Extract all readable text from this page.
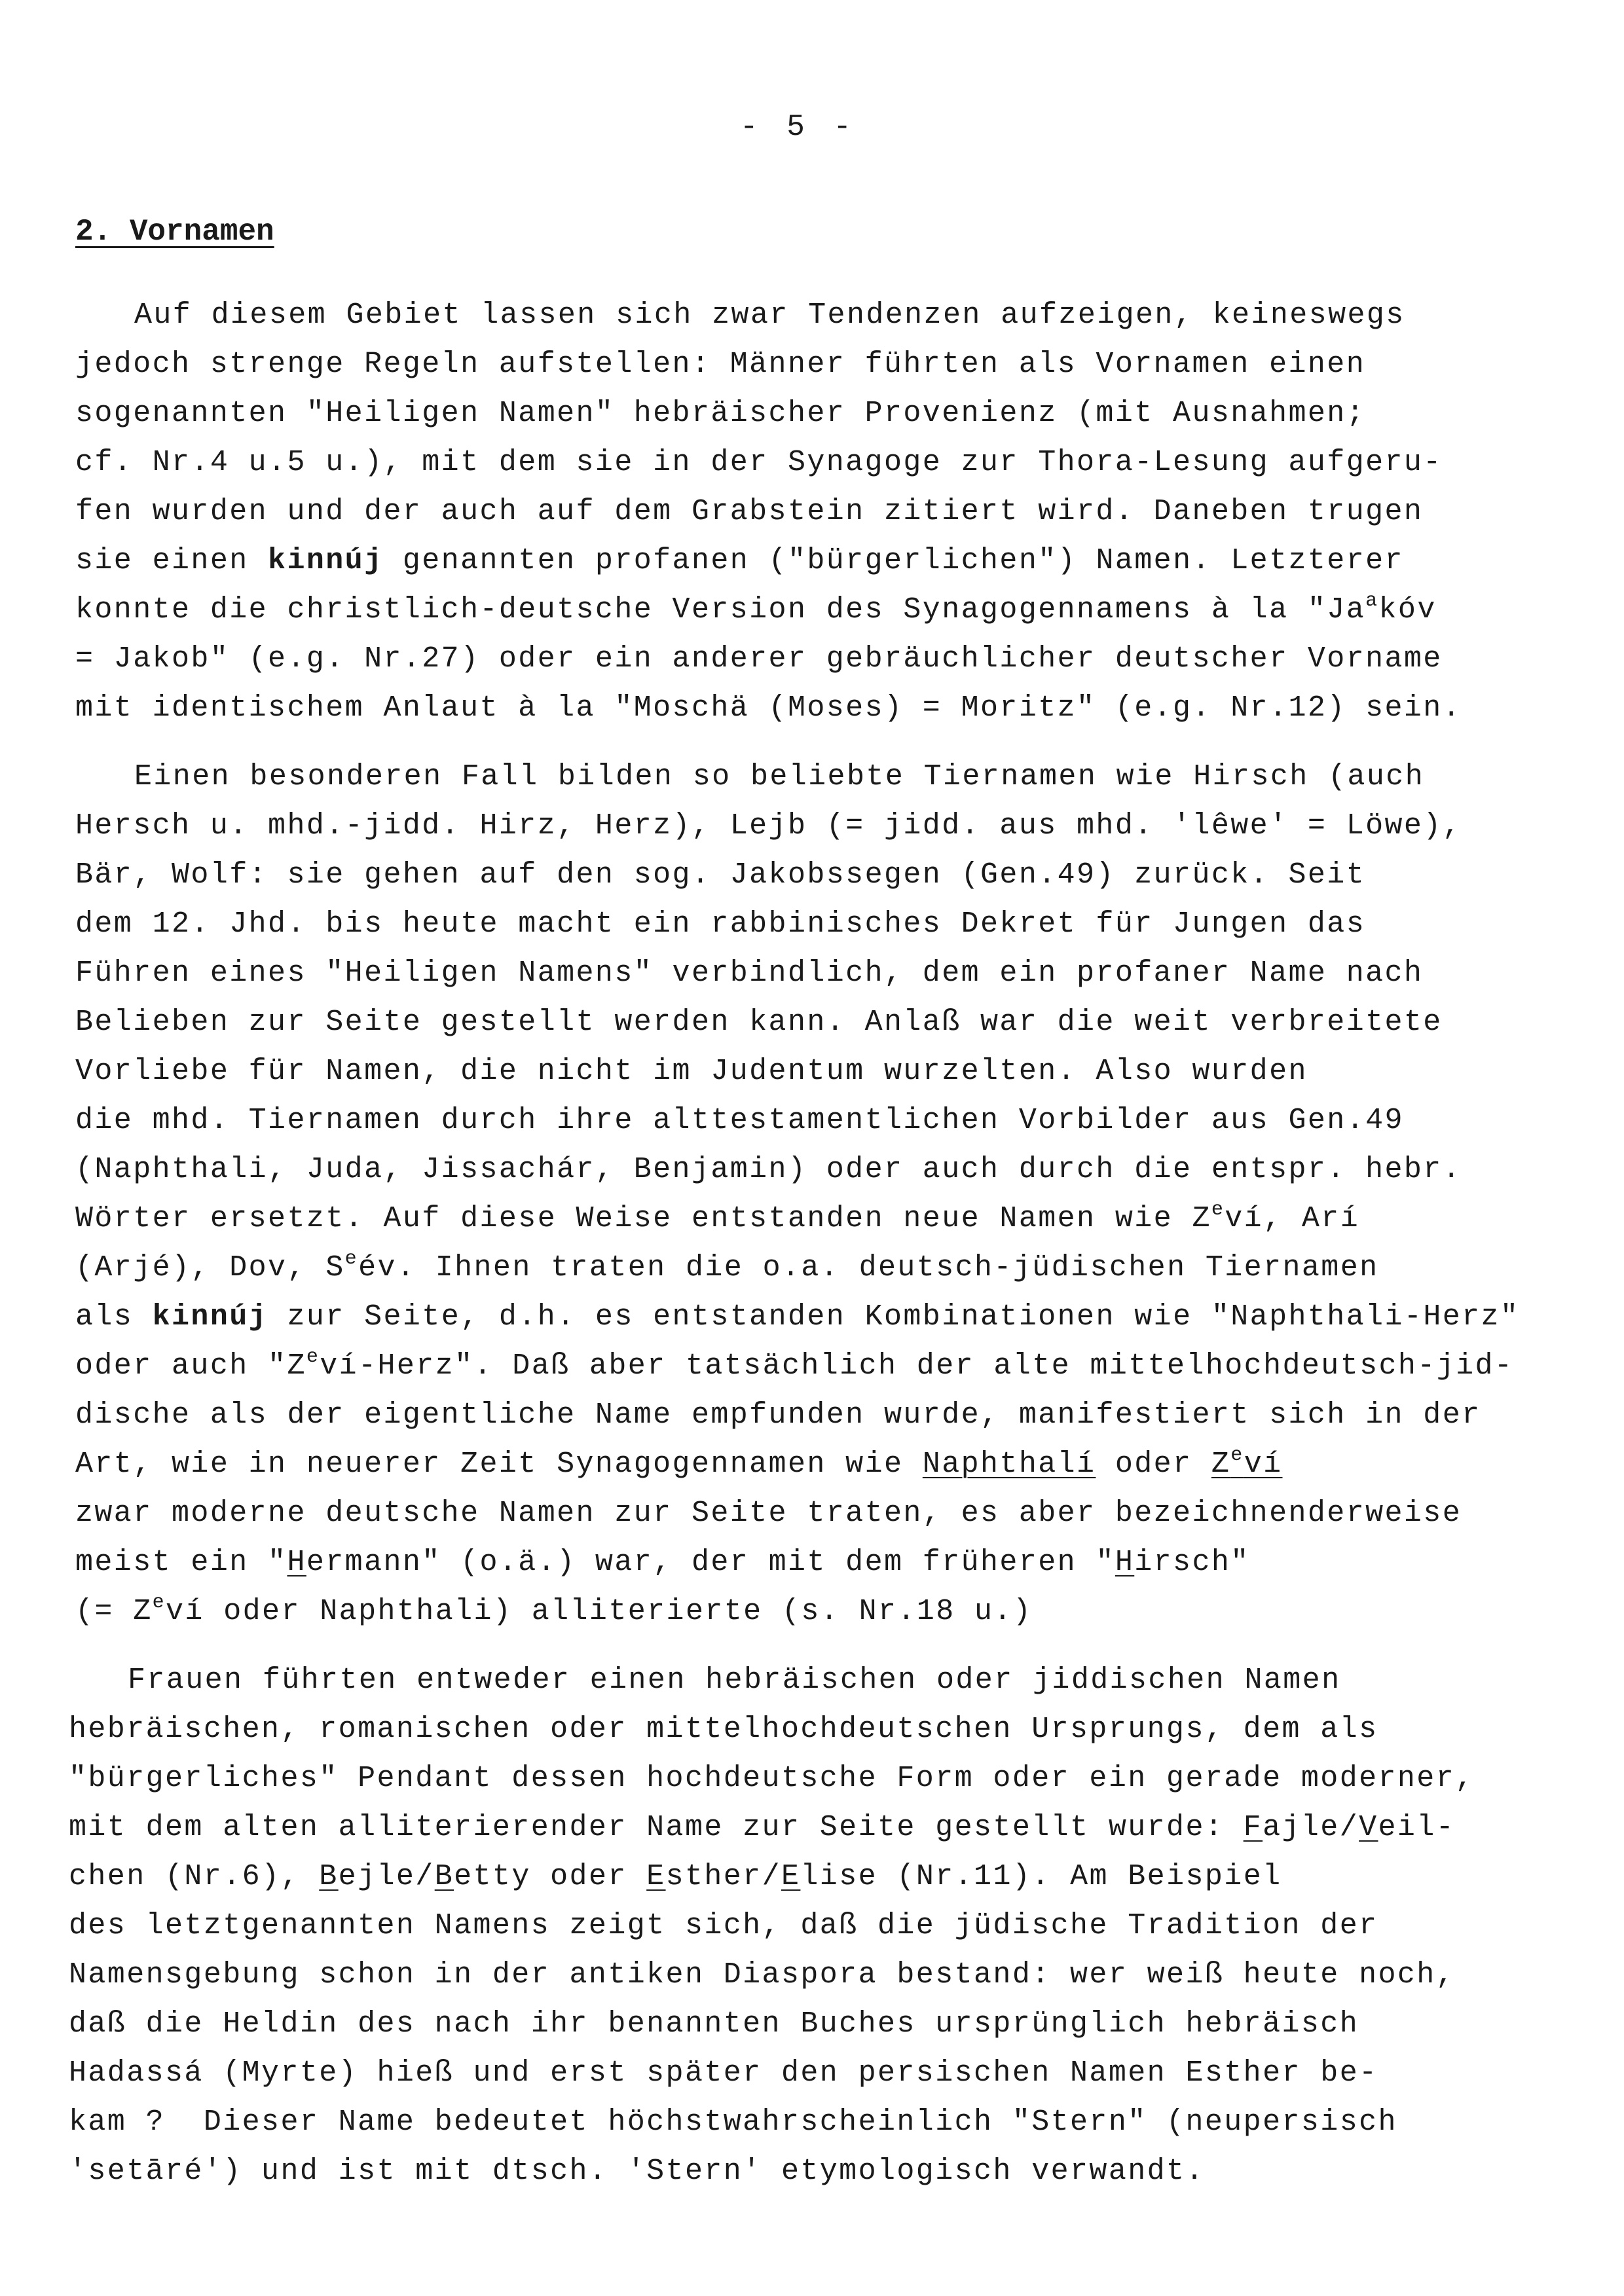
- 5 -
2. Vornamen
Auf diesem Gebiet lassen sich zwar Tendenzen aufzeigen, keineswegs
jedoch strenge Regeln aufstellen: Männer führten als Vornamen einen
sogenannten "Heiligen Namen" hebräischer Provenienz (mit Ausnahmen;
cf. Nr.4 u.5 u.), mit dem sie in der Synagoge zur Thora-Lesung aufgeru-
fen wurden und der auch auf dem Grabstein zitiert wird. Daneben trugen
sie einen kinnúj genannten profanen ("bürgerlichen") Namen. Letzterer
konnte die christlich-deutsche Version des Synagogennamens à la "$Ja^akóv$
= Jakob" (e.g. Nr.27) oder ein anderer gebräuchlicher deutscher Vorname
mit identischem Anlaut à la "Moschä (Moses) = Moritz" (e.g. Nr.12) sein.
Einen besonderen Fall bilden so beliebte Tiernamen wie Hirsch (auch
Hersch u. mhd.-jidd. Hirz, Herz), Lejb (= jidd. aus mhd. 'lêwe' = Löwe),
Bär, Wolf: sie gehen auf den sog. Jakobssegen (Gen.49) zurück. Seit
dem 12. Jhd. bis heute macht ein rabbinisches Dekret für Jungen das
Führen eines "Heiligen Namens" verbindlich, dem ein profaner Name nach
Belieben zur Seite gestellt werden kann. Anlaß war die weit verbreitete
Vorliebe für Namen, die nicht im Judentum wurzelten. Also wurden
die mhd. Tiernamen durch ihre alttestamentlichen Vorbilder aus Gen.49
(Naphthali, Juda, Jissachár, Benjamin) oder auch durch die entspr. hebr.
Wörter ersetzt. Auf diese Weise entstanden neue Namen wie $Z^eví$, Arí
(Arjé), Dov, $S^eév$. Ihnen traten die o.a. deutsch-jüdischen Tiernamen
als kinnúj zur Seite, d.h. es entstanden Kombinationen wie "Naphthali-Herz"
oder auch "$Z^eví$-Herz". Daß aber tatsächlich der alte mittelhochdeutsch-jid-
dische als der eigentliche Name empfunden wurde, manifestiert sich in der
Art, wie in neuerer Zeit Synagogennamen wie Naphthalí oder $Z^eví$
zwar moderne deutsche Namen zur Seite traten, es aber bezeichnenderweise
meist ein "Hermann" (o.ä.) war, der mit dem früheren "Hirsch"
(= $Z^eví$ oder Naphthali) alliterierte (s. Nr.18 u.)
Frauen führten entweder einen hebräischen oder jiddischen Namen
hebräischen, romanischen oder mittelhochdeutschen Ursprungs, dem als
"bürgerliches" Pendant dessen hochdeutsche Form oder ein gerade moderner,
mit dem alten alliterierender Name zur Seite gestellt wurde: Fajle/Veil-
chen (Nr.6), Bejle/Betty oder Esther/Elise (Nr.11). Am Beispiel
des letztgenannten Namens zeigt sich, daß die jüdische Tradition der
Namensgebung schon in der antiken Diaspora bestand: wer weiß heute noch,
daß die Heldin des nach ihr benannten Buches ursprünglich hebräisch
Hadassá (Myrte) hieß und erst später den persischen Namen Esther be-
kam ?  Dieser Name bedeutet höchstwahrscheinlich "Stern" (neupersisch
'setāré') und ist mit dtsch. 'Stern' etymologisch verwandt.
